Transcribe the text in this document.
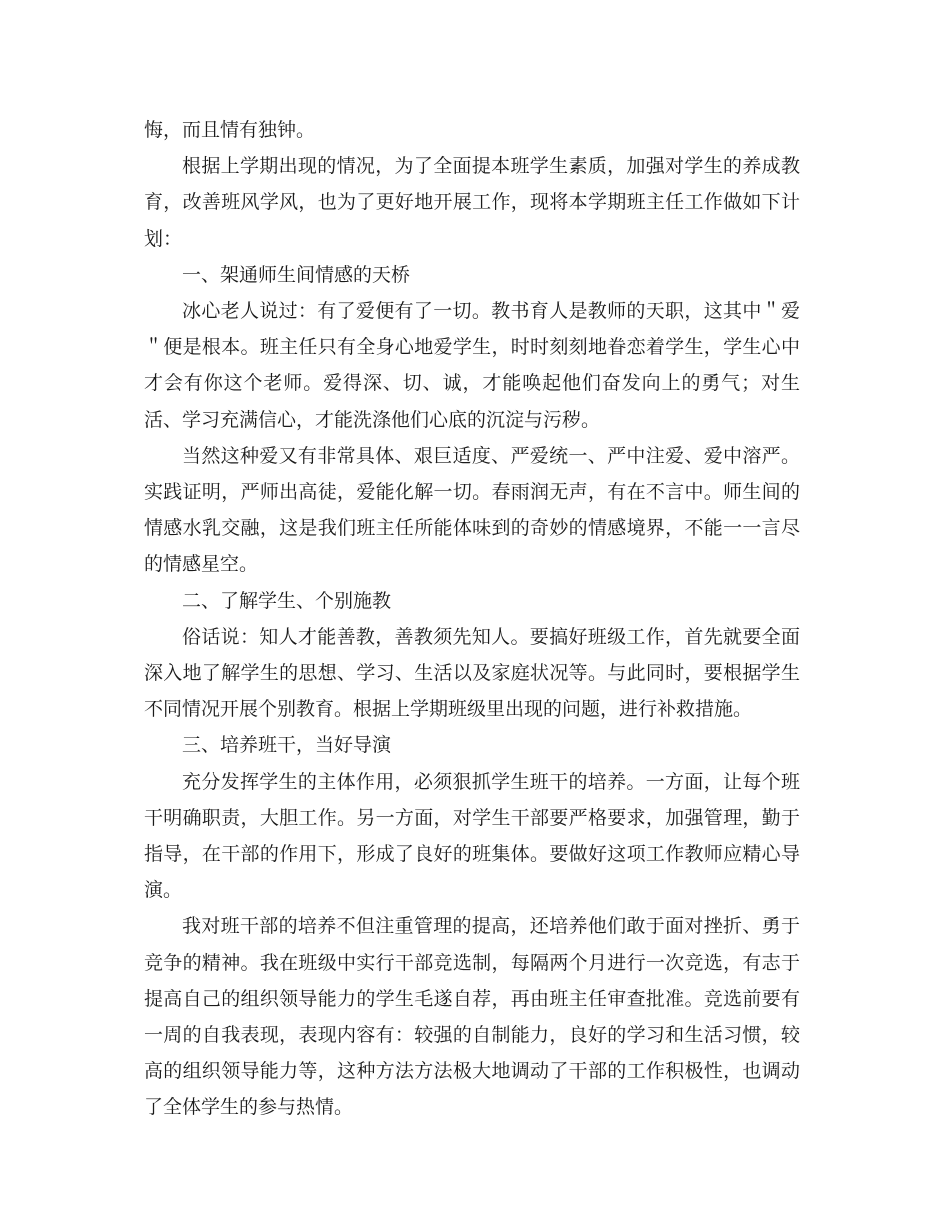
悔，而且情有独钟。

根据上学期出现的情况，为了全面提本班学生素质，加强对学生的养成教育，改善班风学风，也为了更好地开展工作，现将本学期班主任工作做如下计划：

一、架通师生间情感的天桥

冰心老人说过：有了爱便有了一切。教书育人是教师的天职，这其中＂爱＂便是根本。班主任只有全身心地爱学生，时时刻刻地眷恋着学生，学生心中才会有你这个老师。爱得深、切、诚，才能唤起他们奋发向上的勇气；对生活、学习充满信心，才能洗涤他们心底的沉淀与污秽。

当然这种爱又有非常具体、艰巨适度、严爱统一、严中注爱、爱中溶严。实践证明，严师出高徒，爱能化解一切。春雨润无声，有在不言中。师生间的情感水乳交融，这是我们班主任所能体味到的奇妙的情感境界，不能一一言尽的情感星空。

二、了解学生、个别施教

俗话说：知人才能善教，善教须先知人。要搞好班级工作，首先就要全面深入地了解学生的思想、学习、生活以及家庭状况等。与此同时，要根据学生不同情况开展个别教育。根据上学期班级里出现的问题，进行补救措施。

三、培养班干，当好导演

充分发挥学生的主体作用，必须狠抓学生班干的培养。一方面，让每个班干明确职责，大胆工作。另一方面，对学生干部要严格要求，加强管理，勤于指导，在干部的作用下，形成了良好的班集体。要做好这项工作教师应精心导演。

我对班干部的培养不但注重管理的提高，还培养他们敢于面对挫折、勇于竞争的精神。我在班级中实行干部竞选制，每隔两个月进行一次竞选，有志于提高自己的组织领导能力的学生毛遂自荐，再由班主任审查批准。竞选前要有一周的自我表现，表现内容有：较强的自制能力，良好的学习和生活习惯，较高的组织领导能力等，这种方法方法极大地调动了干部的工作积极性，也调动了全体学生的参与热情。
